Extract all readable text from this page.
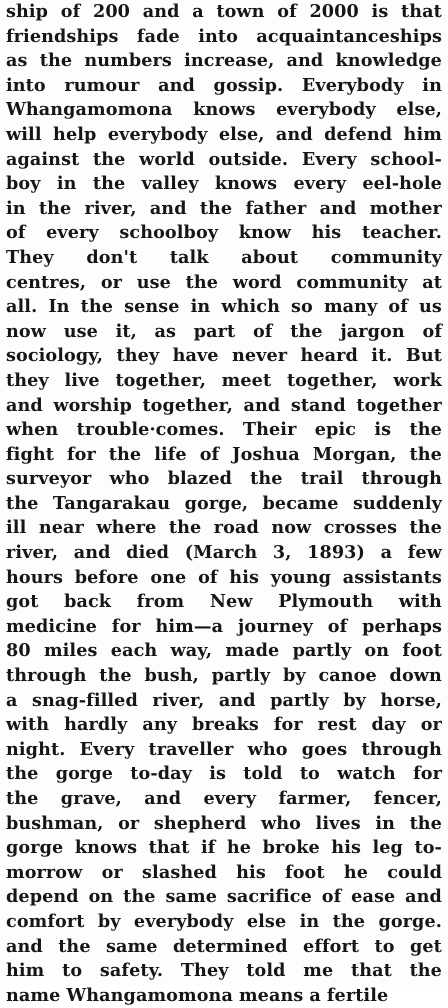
ship of 200 and a town of 2000 is that
friendships fade into acquaintanceships
as the numbers increase, and knowledge
into rumour and gossip. Everybody in
Whangamomona knows everybody else,
will help everybody else, and defend him
against the world outside. Every school-
boy in the valley knows every eel-hole
in the river, and the father and mother
of every schoolboy know his teacher.
They don't talk about community
centres, or use the word community at
all. In the sense in which so many of us
now use it, as part of the jargon of
sociology, they have never heard it. But
they live together, meet together, work
and worship together, and stand together
when trouble·comes. Their epic is the
fight for the life of Joshua Morgan, the
surveyor who blazed the trail through
the Tangarakau gorge, became suddenly
ill near where the road now crosses the
river, and died (March 3, 1893) a few
hours before one of his young assistants
got back from New Plymouth with
medicine for him—a journey of perhaps
80 miles each way, made partly on foot
through the bush, partly by canoe down
a snag-filled river, and partly by horse,
with hardly any breaks for rest day or
night. Every traveller who goes through
the gorge to-day is told to watch for
the grave, and every farmer, fencer,
bushman, or shepherd who lives in the
gorge knows that if he broke his leg to-
morrow or slashed his foot he could
depend on the same sacrifice of ease and
comfort by everybody else in the gorge.
and the same determined effort to get
him to safety. They told me that the
name Whangamomona means a fertile
